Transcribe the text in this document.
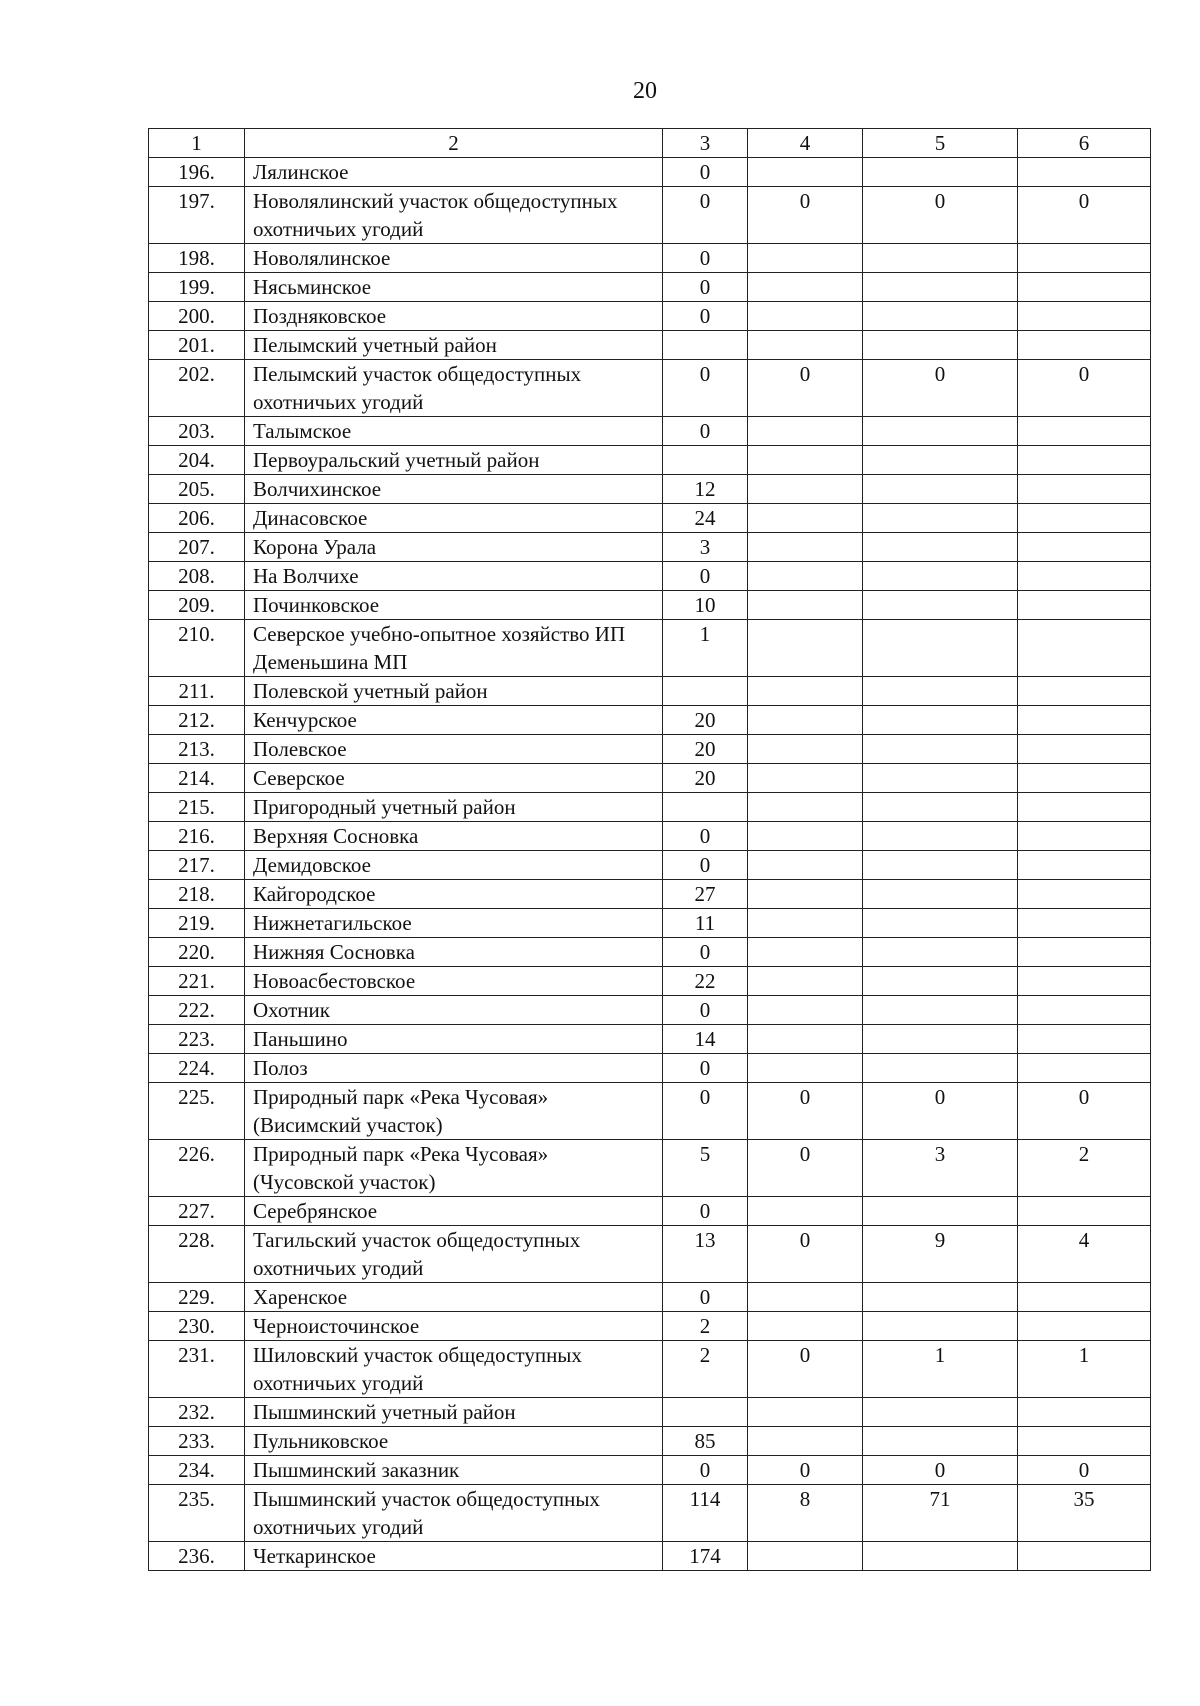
20
1	2	3	4	5	6
196.	Лялинское	0			
197.	Новолялинский участок общедоступных охотничьих угодий	0	0	0	0
198.	Новолялинское	0			
199.	Нясьминское	0			
200.	Поздняковское	0			
201.	Пелымский учетный район				
202.	Пелымский участок общедоступных охотничьих угодий	0	0	0	0
203.	Талымское	0			
204.	Первоуральский учетный район				
205.	Волчихинское	12			
206.	Динасовское	24			
207.	Корона Урала	3			
208.	На Волчихе	0			
209.	Починковское	10			
210.	Северское учебно-опытное хозяйство ИП Деменьшина МП	1			
211.	Полевской учетный район				
212.	Кенчурское	20			
213.	Полевское	20			
214.	Северское	20			
215.	Пригородный учетный район				
216.	Верхняя Сосновка	0			
217.	Демидовское	0			
218.	Кайгородское	27			
219.	Нижнетагильское	11			
220.	Нижняя Сосновка	0			
221.	Новоасбестовское	22			
222.	Охотник	0			
223.	Паньшино	14			
224.	Полоз	0			
225.	Природный парк «Река Чусовая» (Висимский участок)	0	0	0	0
226.	Природный парк «Река Чусовая» (Чусовской участок)	5	0	3	2
227.	Серебрянское	0			
228.	Тагильский участок общедоступных охотничьих угодий	13	0	9	4
229.	Харенское	0			
230.	Черноисточинское	2			
231.	Шиловский участок общедоступных охотничьих угодий	2	0	1	1
232.	Пышминский учетный район				
233.	Пульниковское	85			
234.	Пышминский заказник	0	0	0	0
235.	Пышминский участок общедоступных охотничьих угодий	114	8	71	35
236.	Четкаринское	174			
